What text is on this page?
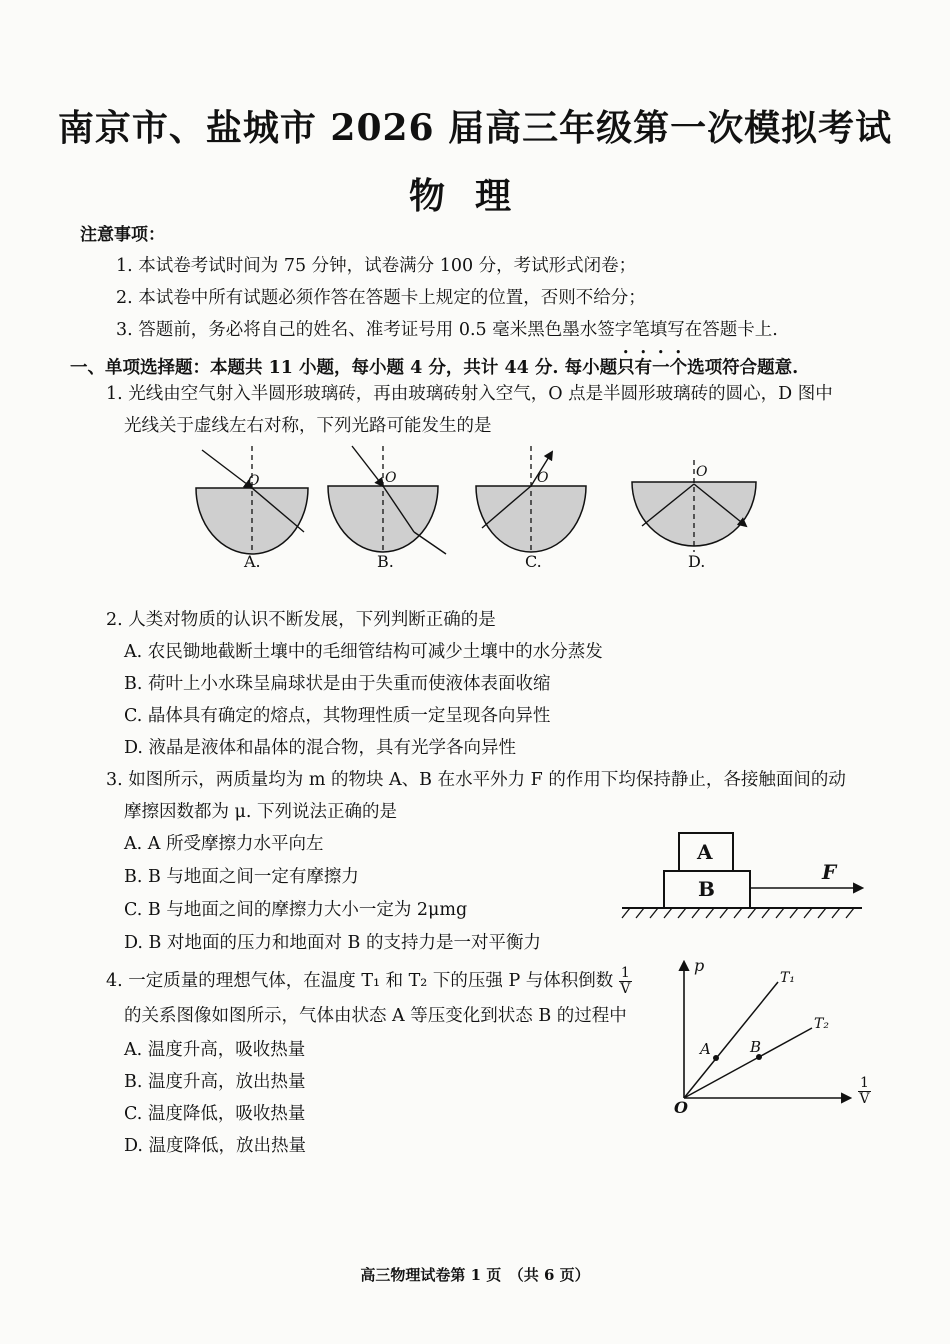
南京市、盐城市 2026 届高三年级第一次模拟考试
物理
注意事项：
1. 本试卷考试时间为 75 分钟，试卷满分 100 分，考试形式闭卷；
2. 本试卷中所有试题必须作答在答题卡上规定的位置，否则不给分；
3. 答题前，务必将自己的姓名、准考证号用 0.5 毫米黑色墨水签字笔填写在答题卡上.
一、单项选择题：本题共 11 小题，每小题 4 分，共计 44 分. 每小题只有一个选项符合题意.
1. 光线由空气射入半圆形玻璃砖，再由玻璃砖射入空气，O 点是半圆形玻璃砖的圆心，D 图中
光线关于虚线左右对称，下列光路可能发生的是
O	O	O	O
A.	B.	C.	D.
2. 人类对物质的认识不断发展，下列判断正确的是
A. 农民锄地截断土壤中的毛细管结构可减少土壤中的水分蒸发
B. 荷叶上小水珠呈扁球状是由于失重而使液体表面收缩
C. 晶体具有确定的熔点，其物理性质一定呈现各向异性
D. 液晶是液体和晶体的混合物，具有光学各向异性
3. 如图所示，两质量均为 m 的物块 A、B 在水平外力 F 的作用下均保持静止，各接触面间的动
摩擦因数都为 μ. 下列说法正确的是
A. A 所受摩擦力水平向左
B. B 与地面之间一定有摩擦力
C. B 与地面之间的摩擦力大小一定为 2μmg
D. B 对地面的压力和地面对 B 的支持力是一对平衡力
A
B
F
4. 一定质量的理想气体，在温度 T₁ 和 T₂ 下的压强 P 与体积倒数 $\frac{1}{V}$
的关系图像如图所示，气体由状态 A 等压变化到状态 B 的过程中
A. 温度升高，吸收热量
B. 温度升高，放出热量
C. 温度降低，吸收热量
D. 温度降低，放出热量
p
O
T₁
T₂
A	B
$\frac{1}{V}$
高三物理试卷第 1 页　（共 6 页）
